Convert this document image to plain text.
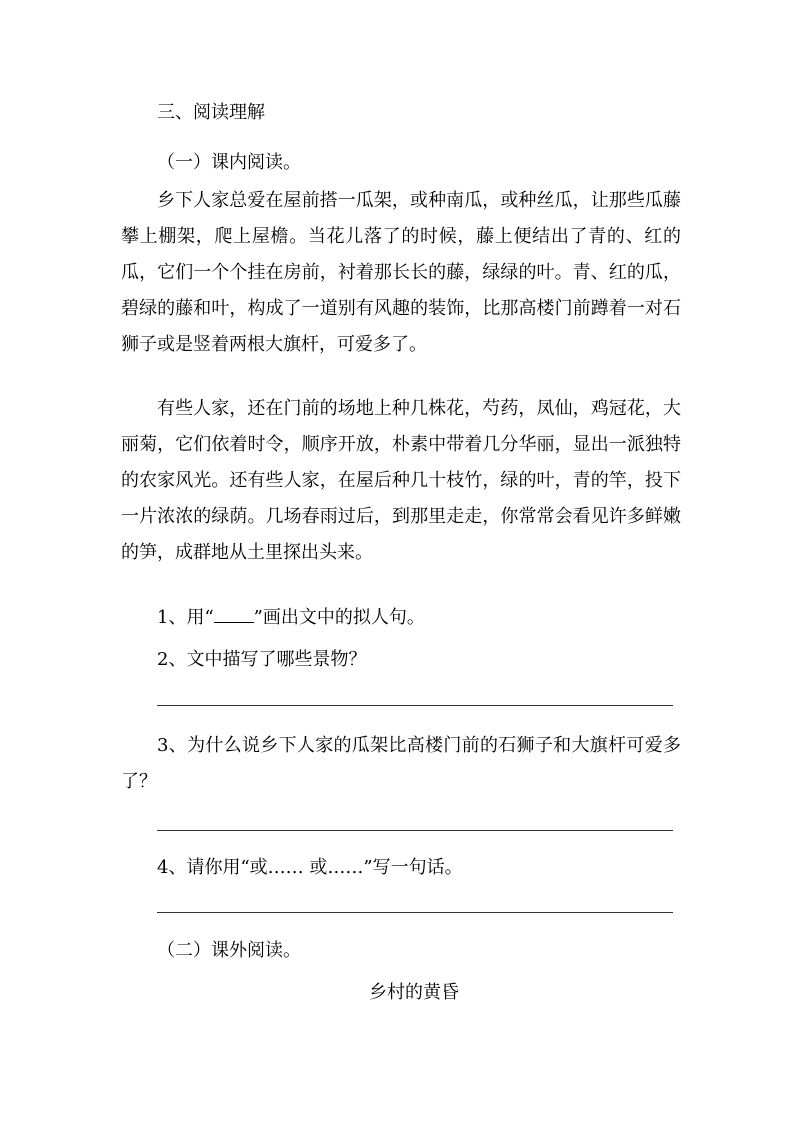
三、阅读理解
（一）课内阅读。
乡下人家总爱在屋前搭一瓜架，或种南瓜，或种丝瓜，让那些瓜藤攀上棚架，爬上屋檐。当花儿落了的时候，藤上便结出了青的、红的瓜，它们一个个挂在房前，衬着那长长的藤，绿绿的叶。青、红的瓜，碧绿的藤和叶，构成了一道别有风趣的装饰，比那高楼门前蹲着一对石狮子或是竖着两根大旗杆，可爱多了。
有些人家，还在门前的场地上种几株花，芍药，凤仙，鸡冠花，大丽菊，它们依着时令，顺序开放，朴素中带着几分华丽，显出一派独特的农家风光。还有些人家，在屋后种几十枝竹，绿的叶，青的竿，投下一片浓浓的绿荫。几场春雨过后，到那里走走，你常常会看见许多鲜嫩的笋，成群地从土里探出头来。
1、用“ ”画出文中的拟人句。
2、文中描写了哪些景物？
3、为什么说乡下人家的瓜架比高楼门前的石狮子和大旗杆可爱多了？
4、请你用“或…… 或……”写一句话。
（二）课外阅读。
乡村的黄昏
